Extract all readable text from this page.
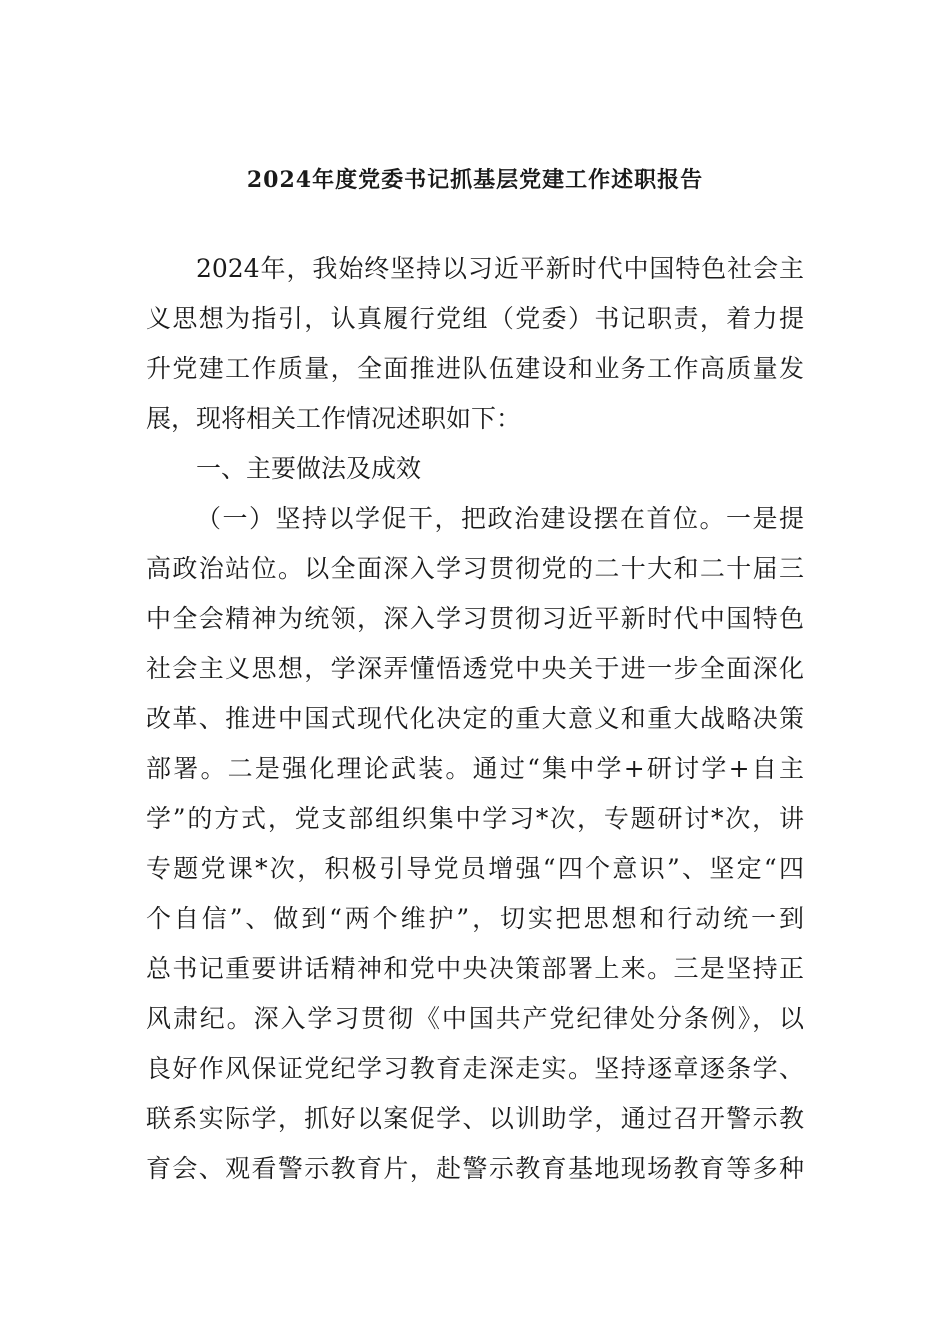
2024年度党委书记抓基层党建工作述职报告
2024年，我始终坚持以习近平新时代中国特色社会主
义思想为指引，认真履行党组（党委）书记职责，着力提
升党建工作质量，全面推进队伍建设和业务工作高质量发
展，现将相关工作情况述职如下：
一、主要做法及成效
（一）坚持以学促干，把政治建设摆在首位。一是提
高政治站位。以全面深入学习贯彻党的二十大和二十届三
中全会精神为统领，深入学习贯彻习近平新时代中国特色
社会主义思想，学深弄懂悟透党中央关于进一步全面深化
改革、推进中国式现代化决定的重大意义和重大战略决策
部署。二是强化理论武装。通过“集中学+研讨学+自主
学”的方式，党支部组织集中学习*次，专题研讨*次，讲
专题党课*次，积极引导党员增强“四个意识”、坚定“四
个自信”、做到“两个维护”，切实把思想和行动统一到
总书记重要讲话精神和党中央决策部署上来。三是坚持正
风肃纪。深入学习贯彻《中国共产党纪律处分条例》，以
良好作风保证党纪学习教育走深走实。坚持逐章逐条学、
联系实际学，抓好以案促学、以训助学，通过召开警示教
育会、观看警示教育片，赴警示教育基地现场教育等多种
